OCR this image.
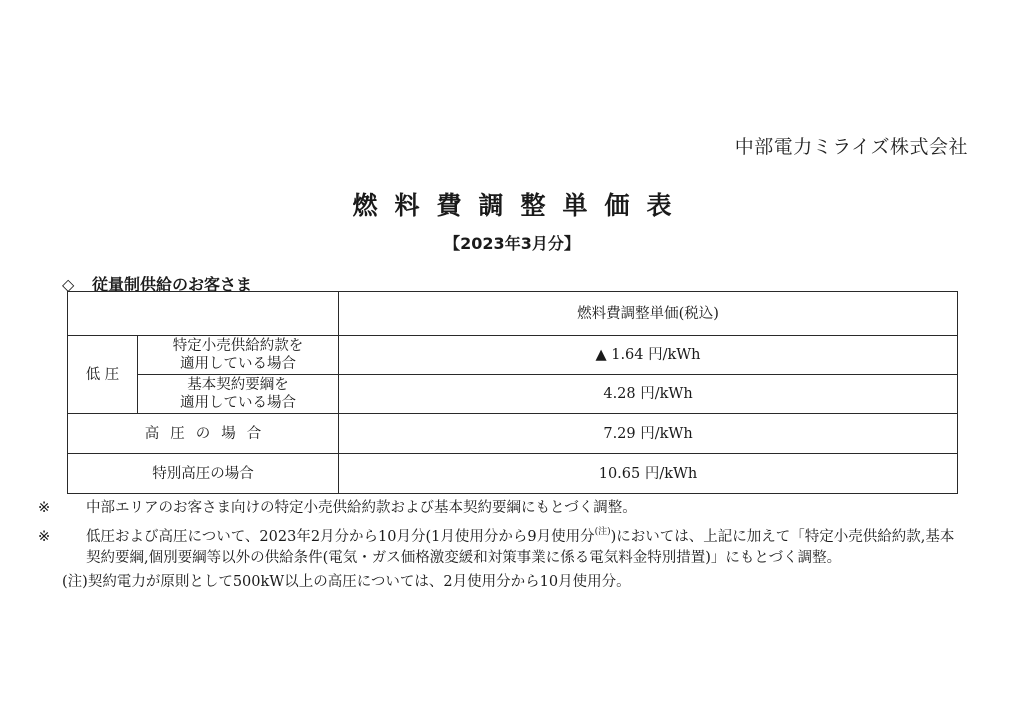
中部電力ミライズ株式会社
燃料費調整単価表
【2023年3月分】
◇ 従量制供給のお客さま
		燃料費調整単価(税込)
低 圧	特定小売供給約款を
適用している場合	▲ 1.64 円/kWh
	基本契約要綱を
適用している場合	4.28 円/kWh
高圧の場合		7.29 円/kWh
特別高圧の場合		10.65 円/kWh

※ 中部エリアのお客さま向けの特定小売供給約款および基本契約要綱にもとづく調整。

※ 低圧および高圧について、2023年2月分から10月分(1月使用分から9月使用分$^{(注)}$)においては、上記に加えて「特定小売供給約款,基本契約要綱,個別要綱等以外の供給条件(電気・ガス価格激変緩和対策事業に係る電気料金特別措置)」にもとづく調整。

(注)契約電力が原則として500kW以上の高圧については、2月使用分から10月使用分。
